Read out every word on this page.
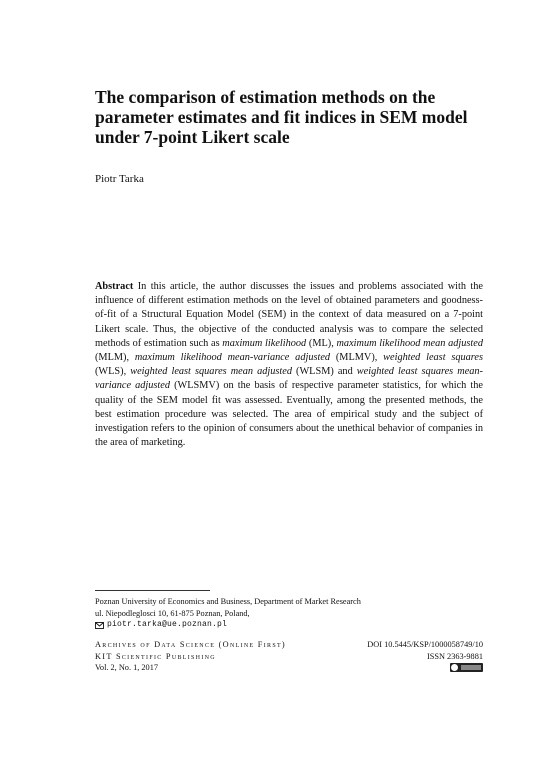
The comparison of estimation methods on the
parameter estimates and fit indices in SEM model
under 7-point Likert scale

Piotr Tarka

Abstract In this article, the author discusses the issues and problems associated with the influence of different estimation methods on the level of obtained parameters and goodness-of-fit of a Structural Equation Model (SEM) in the context of data measured on a 7-point Likert scale. Thus, the objective of the conducted analysis was to compare the selected methods of estimation such as maximum likelihood (ML), maximum likelihood mean adjusted (MLM), maximum likelihood mean-variance adjusted (MLMV), weighted least squares (WLS), weighted least squares mean adjusted (WLSM) and weighted least squares mean-variance adjusted (WLSMV) on the basis of respective parameter statistics, for which the quality of the SEM model fit was assessed. Eventually, among the presented methods, the best estimation procedure was selected. The area of empirical study and the subject of investigation refers to the opinion of consumers about the unethical behavior of companies in the area of marketing.

Poznan University of Economics and Business, Department of Market Research
ul. Niepodleglosci 10, 61-875 Poznan, Poland,
piotr.tarka@ue.poznan.pl
Archives of Data Science (Online First)	DOI 10.5445/KSP/1000058749/10
KIT Scientific Publishing	ISSN 2363-9881
Vol. 2, No. 1, 2017
